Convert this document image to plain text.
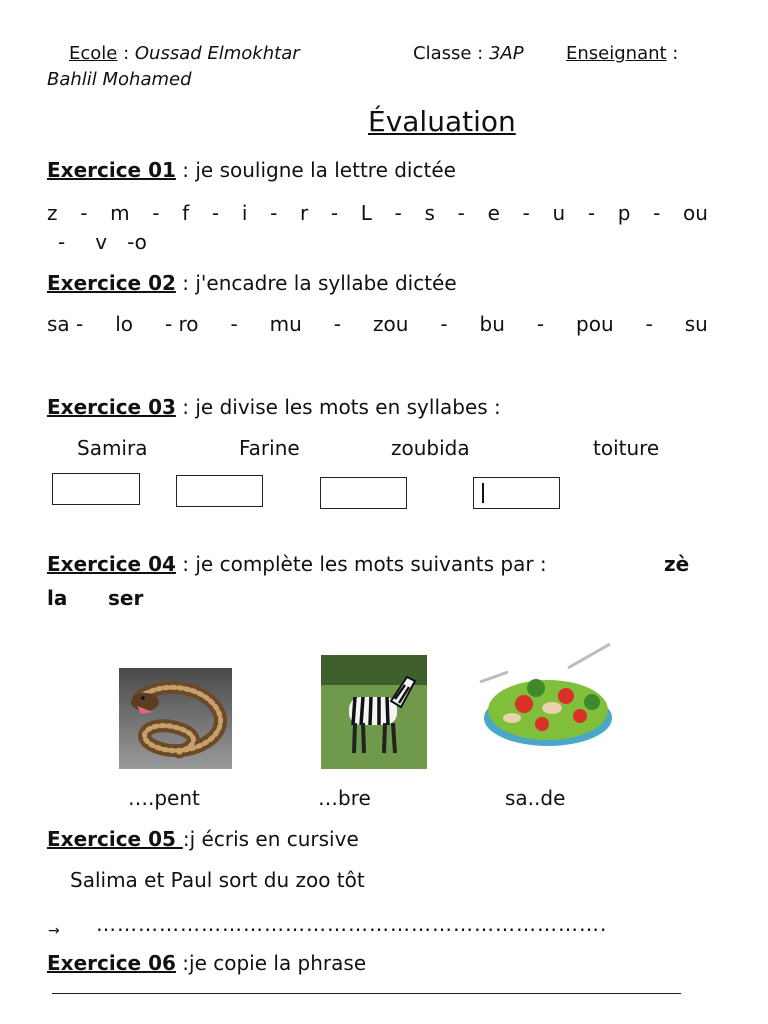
Ecole : Oussad Elmokhtar	Classe : 3AP Enseignant :
Bahlil Mohamed
Évaluation
Exercice 01 : je souligne la lettre dictée
z - m - f - i - r - L - s - e - u - p - ou
- v -o
Exercice 02 : j'encadre la syllabe dictée
sa - lo - ro - mu - zou - bu - pou - su
Exercice 03 : je divise les mots en syllabes :
Samira	Farine	zoubida	toiture
Exercice 04 : je complète les mots suivants par :	zè
la ser
….pent	…bre	sa..de
Exercice 05 :j écris en cursive
Salima et Paul sort du zoo tôt
→ ……………………………………………………………….
Exercice 06 :je copie la phrase
